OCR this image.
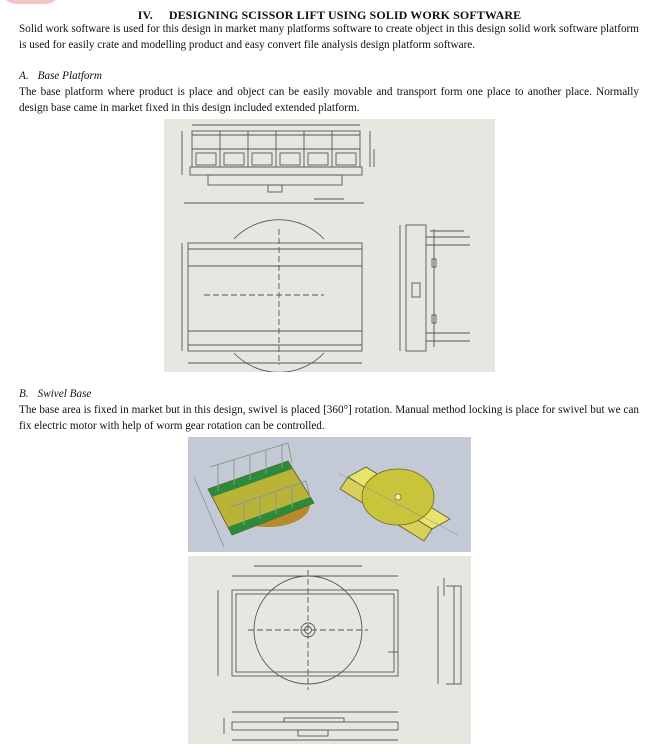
IV. DESIGNING SCISSOR LIFT USING SOLID WORK SOFTWARE
Solid work software is used for this design in market many platforms software to create object in this design solid work software platform is used for easily crate and modelling product and easy convert file analysis design platform software.
A. Base Platform
The base platform where product is place and object can be easily movable and transport form one place to another place. Normally design base came in market fixed in this design included extended platform.
B. Swivel Base
The base area is fixed in market but in this design, swivel is placed [360°] rotation. Manual method locking is place for swivel but we can fix electric motor with help of worm gear rotation can be controlled.
